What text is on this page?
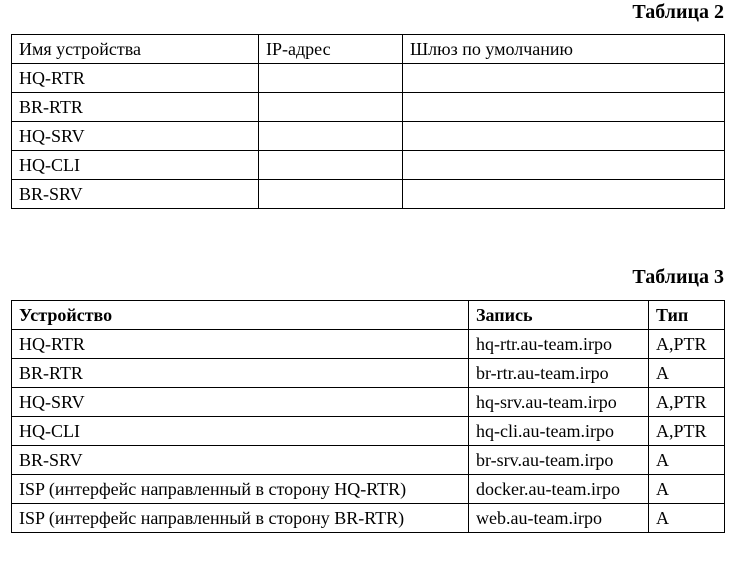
Таблица 2
Имя устройства	IP-адрес	Шлюз по умолчанию
HQ-RTR		
BR-RTR		
HQ-SRV		
HQ-CLI		
BR-SRV		
Таблица 3
Устройство	Запись	Тип
HQ-RTR	hq-rtr.au-team.irpo	A,PTR
BR-RTR	br-rtr.au-team.irpo	A
HQ-SRV	hq-srv.au-team.irpo	A,PTR
HQ-CLI	hq-cli.au-team.irpo	A,PTR
BR-SRV	br-srv.au-team.irpo	A
ISP (интерфейс направленный в сторону HQ-RTR)	docker.au-team.irpo	A
ISP (интерфейс направленный в сторону BR-RTR)	web.au-team.irpo	A
